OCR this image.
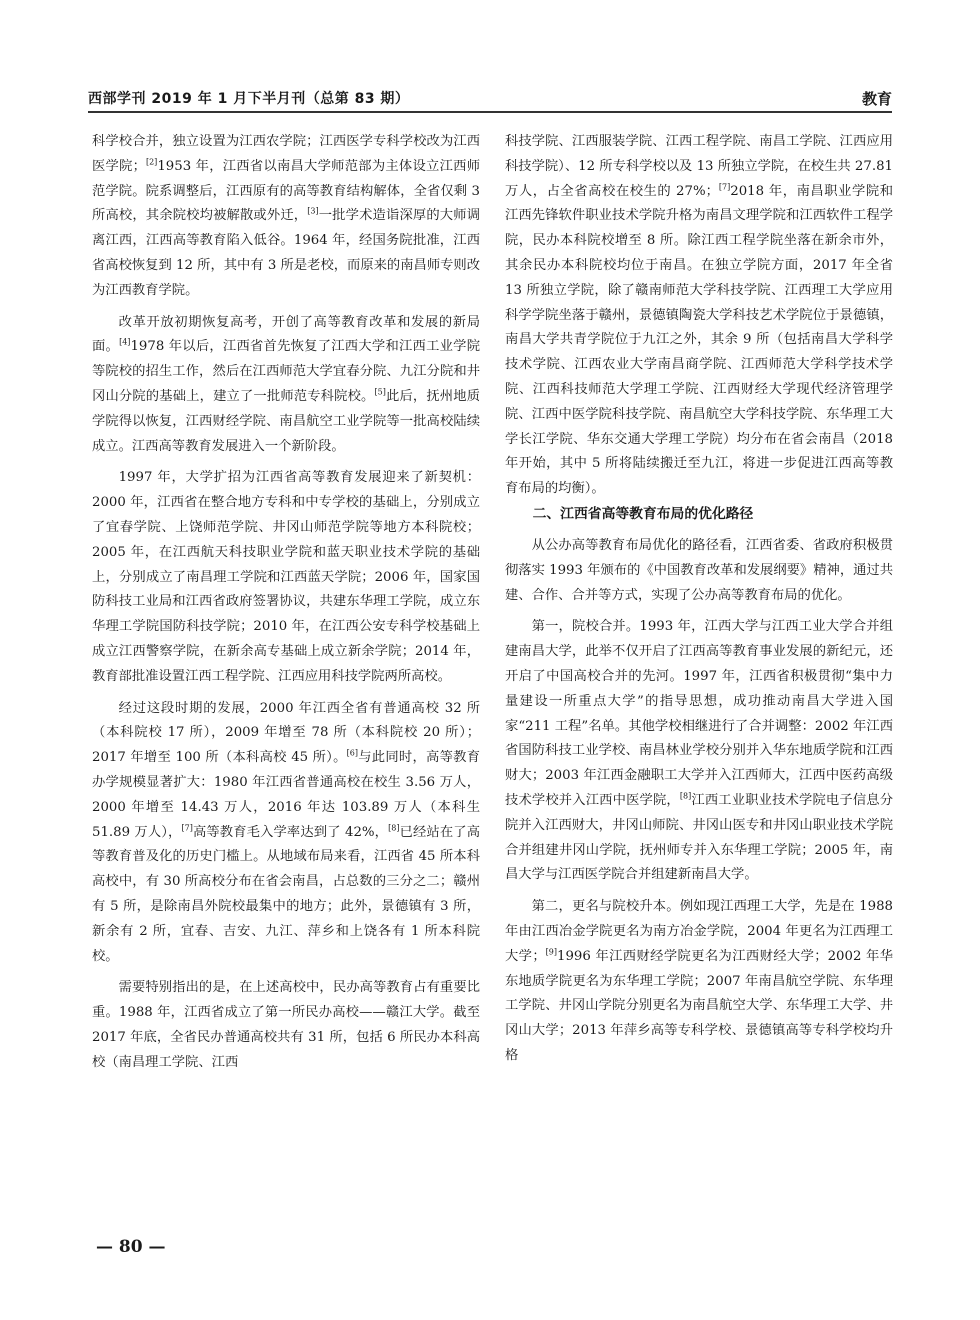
西部学刊 2019 年 1 月下半月刊（总第 83 期）	教育

科学校合并，独立设置为江西农学院；江西医学专科学校改为江西医学院；[2]1953 年，江西省以南昌大学师范部为主体设立江西师范学院。院系调整后，江西原有的高等教育结构解体，全省仅剩 3 所高校，其余院校均被解散或外迁，[3]一批学术造诣深厚的大师调离江西，江西高等教育陷入低谷。1964 年，经国务院批准，江西省高校恢复到 12 所，其中有 3 所是老校，而原来的南昌师专则改为江西教育学院。

改革开放初期恢复高考，开创了高等教育改革和发展的新局面。[4]1978 年以后，江西省首先恢复了江西大学和江西工业学院等院校的招生工作，然后在江西师范大学宜春分院、九江分院和井冈山分院的基础上，建立了一批师范专科院校。[5]此后，抚州地质学院得以恢复，江西财经学院、南昌航空工业学院等一批高校陆续成立。江西高等教育发展进入一个新阶段。

1997 年，大学扩招为江西省高等教育发展迎来了新契机：2000 年，江西省在整合地方专科和中专学校的基础上，分别成立了宜春学院、上饶师范学院、井冈山师范学院等地方本科院校；2005 年，在江西航天科技职业学院和蓝天职业技术学院的基础上，分别成立了南昌理工学院和江西蓝天学院；2006 年，国家国防科技工业局和江西省政府签署协议，共建东华理工学院，成立东华理工学院国防科技学院；2010 年，在江西公安专科学校基础上成立江西警察学院，在新余高专基础上成立新余学院；2014 年，教育部批准设置江西工程学院、江西应用科技学院两所高校。

经过这段时期的发展，2000 年江西全省有普通高校 32 所（本科院校 17 所），2009 年增至 78 所（本科院校 20 所）；2017 年增至 100 所（本科高校 45 所）。[6]与此同时，高等教育办学规模显著扩大：1980 年江西省普通高校在校生 3.56 万人，2000 年增至 14.43 万人，2016 年达 103.89 万人（本科生 51.89 万人），[7]高等教育毛入学率达到了 42%，[8]已经站在了高等教育普及化的历史门槛上。从地域布局来看，江西省 45 所本科高校中，有 30 所高校分布在省会南昌，占总数的三分之二；赣州有 5 所，是除南昌外院校最集中的地方；此外，景德镇有 3 所，新余有 2 所，宜春、吉安、九江、萍乡和上饶各有 1 所本科院校。

需要特别指出的是，在上述高校中，民办高等教育占有重要比重。1988 年，江西省成立了第一所民办高校——赣江大学。截至 2017 年底，全省民办普通高校共有 31 所，包括 6 所民办本科高校（南昌理工学院、江西

科技学院、江西服装学院、江西工程学院、南昌工学院、江西应用科技学院）、12 所专科学校以及 13 所独立学院，在校生共 27.81 万人，占全省高校在校生的 27%；[7]2018 年，南昌职业学院和江西先锋软件职业技术学院升格为南昌文理学院和江西软件工程学院，民办本科院校增至 8 所。除江西工程学院坐落在新余市外，其余民办本科院校均位于南昌。在独立学院方面，2017 年全省 13 所独立学院，除了赣南师范大学科技学院、江西理工大学应用科学学院坐落于赣州，景德镇陶瓷大学科技艺术学院位于景德镇，南昌大学共青学院位于九江之外，其余 9 所（包括南昌大学科学技术学院、江西农业大学南昌商学院、江西师范大学科学技术学院、江西科技师范大学理工学院、江西财经大学现代经济管理学院、江西中医学院科技学院、南昌航空大学科技学院、东华理工大学长江学院、华东交通大学理工学院）均分布在省会南昌（2018 年开始，其中 5 所将陆续搬迁至九江，将进一步促进江西高等教育布局的均衡）。

二、江西省高等教育布局的优化路径

从公办高等教育布局优化的路径看，江西省委、省政府积极贯彻落实 1993 年颁布的《中国教育改革和发展纲要》精神，通过共建、合作、合并等方式，实现了公办高等教育布局的优化。

第一，院校合并。1993 年，江西大学与江西工业大学合并组建南昌大学，此举不仅开启了江西高等教育事业发展的新纪元，还开启了中国高校合并的先河。1997 年，江西省积极贯彻“集中力量建设一所重点大学”的指导思想，成功推动南昌大学进入国家“211 工程”名单。其他学校相继进行了合并调整：2002 年江西省国防科技工业学校、南昌林业学校分别并入华东地质学院和江西财大；2003 年江西金融职工大学并入江西师大，江西中医药高级技术学校并入江西中医学院，[8]江西工业职业技术学院电子信息分院并入江西财大，井冈山师院、井冈山医专和井冈山职业技术学院合并组建井冈山学院，抚州师专并入东华理工学院；2005 年，南昌大学与江西医学院合并组建新南昌大学。

第二，更名与院校升本。例如现江西理工大学，先是在 1988 年由江西冶金学院更名为南方冶金学院，2004 年更名为江西理工大学；[9]1996 年江西财经学院更名为江西财经大学；2002 年华东地质学院更名为东华理工学院；2007 年南昌航空学院、东华理工学院、井冈山学院分别更名为南昌航空大学、东华理工大学、井冈山大学；2013 年萍乡高等专科学校、景德镇高等专科学校均升格

— 80 —
